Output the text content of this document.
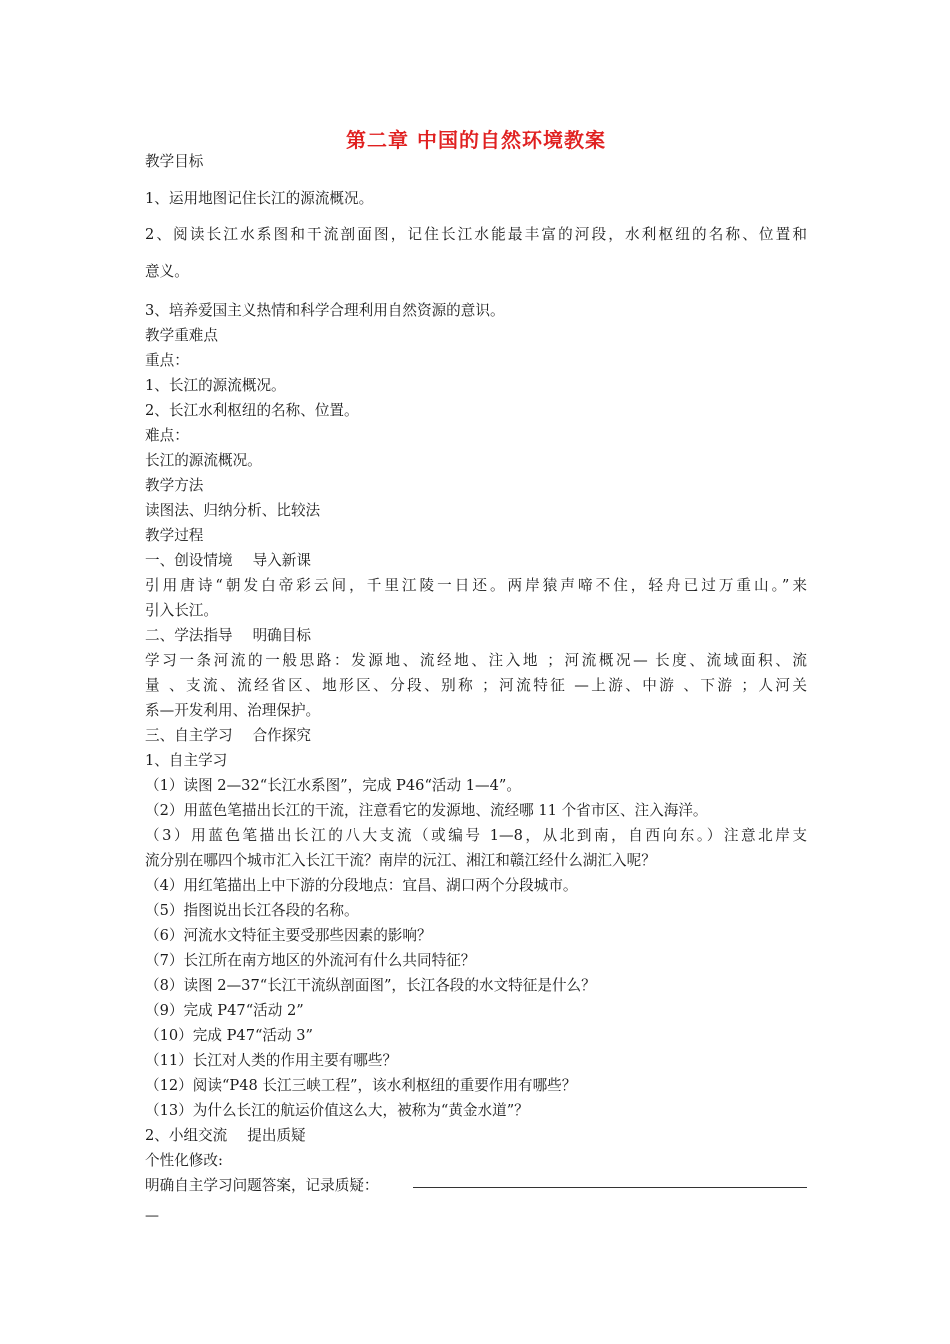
第二章 中国的自然环境教案
教学目标
1、运用地图记住长江的源流概况。
2、阅读长江水系图和干流剖面图，记住长江水能最丰富的河段，水利枢纽的名称、位置和
意义。
3、培养爱国主义热情和科学合理利用自然资源的意识。
教学重难点
重点：
1、长江的源流概况。
2、长江水利枢纽的名称、位置。
难点：
长江的源流概况。
教学方法
读图法、归纳分析、比较法
教学过程
一、创设情境 导入新课
引用唐诗“朝发白帝彩云间，千里江陵一日还。两岸猿声啼不住，轻舟已过万重山。”来
引入长江。
二、学法指导 明确目标
学习一条河流的一般思路：发源地、流经地、注入地 ；河流概况— 长度、流域面积、流
量 、支流、流经省区、地形区、分段、别称 ；河流特征 —上游、中游 、下游 ；人河关
系—开发利用、治理保护。
三、自主学习 合作探究
1、自主学习
（1）读图 2—32“长江水系图”，完成 P46“活动 1—4”。
（2）用蓝色笔描出长江的干流，注意看它的发源地、流经哪 11 个省市区、注入海洋。
（3）用蓝色笔描出长江的八大支流（或编号 1—8，从北到南，自西向东。）注意北岸支
流分别在哪四个城市汇入长江干流？南岸的沅江、湘江和赣江经什么湖汇入呢？
（4）用红笔描出上中下游的分段地点：宜昌、湖口两个分段城市。
（5）指图说出长江各段的名称。
（6）河流水文特征主要受那些因素的影响？
（7）长江所在南方地区的外流河有什么共同特征？
（8）读图 2—37“长江干流纵剖面图”，长江各段的水文特征是什么？
（9）完成 P47“活动 2”
（10）完成 P47“活动 3”
（11）长江对人类的作用主要有哪些？
（12）阅读“P48 长江三峡工程”，该水利枢纽的重要作用有哪些？
（13）为什么长江的航运价值这么大，被称为“黄金水道”？
2、小组交流 提出质疑
个性化修改:
明确自主学习问题答案，记录质疑：
—
